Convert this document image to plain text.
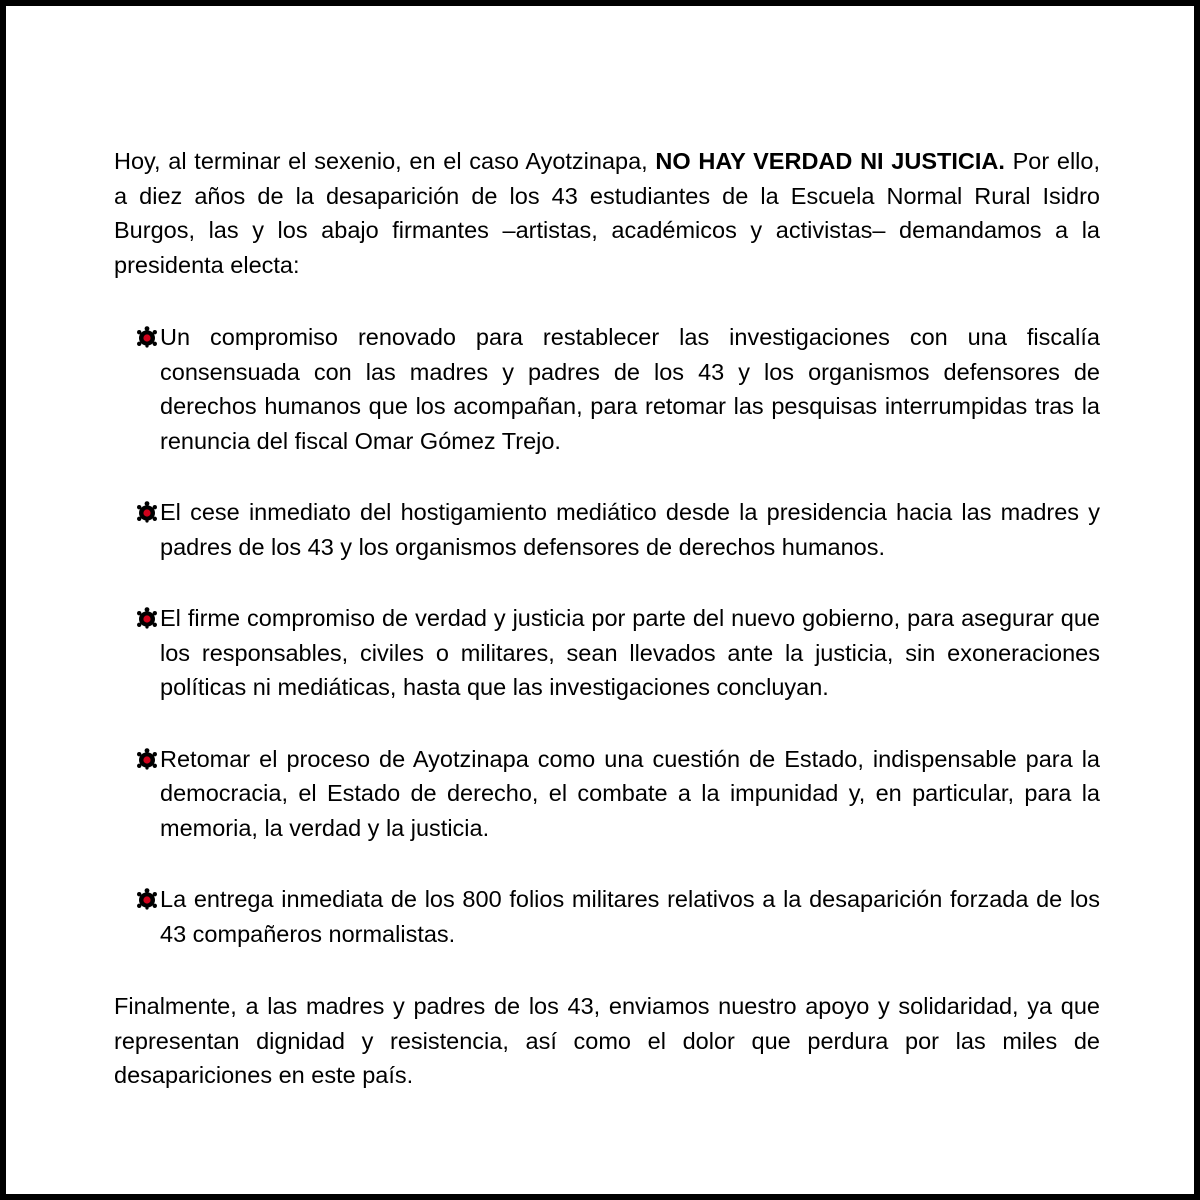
Hoy, al terminar el sexenio, en el caso Ayotzinapa, NO HAY VERDAD NI JUSTICIA. Por ello, a diez años de la desaparición de los 43 estudiantes de la Escuela Normal Rural Isidro Burgos, las y los abajo firmantes –artistas, académicos y activistas– demandamos a la presidenta electa:

Un compromiso renovado para restablecer las investigaciones con una fiscalía consensuada con las madres y padres de los 43 y los organismos defensores de derechos humanos que los acompañan, para retomar las pesquisas interrumpidas tras la renuncia del fiscal Omar Gómez Trejo.
El cese inmediato del hostigamiento mediático desde la presidencia hacia las madres y padres de los 43 y los organismos defensores de derechos humanos.
El firme compromiso de verdad y justicia por parte del nuevo gobierno, para asegurar que los responsables, civiles o militares, sean llevados ante la justicia, sin exoneraciones políticas ni mediáticas, hasta que las investigaciones concluyan.
Retomar el proceso de Ayotzinapa como una cuestión de Estado, indispensable para la democracia, el Estado de derecho, el combate a la impunidad y, en particular, para la memoria, la verdad y la justicia.
La entrega inmediata de los 800 folios militares relativos a la desaparición forzada de los 43 compañeros normalistas.

Finalmente, a las madres y padres de los 43, enviamos nuestro apoyo y solidaridad, ya que representan dignidad y resistencia, así como el dolor que perdura por las miles de desapariciones en este país.
